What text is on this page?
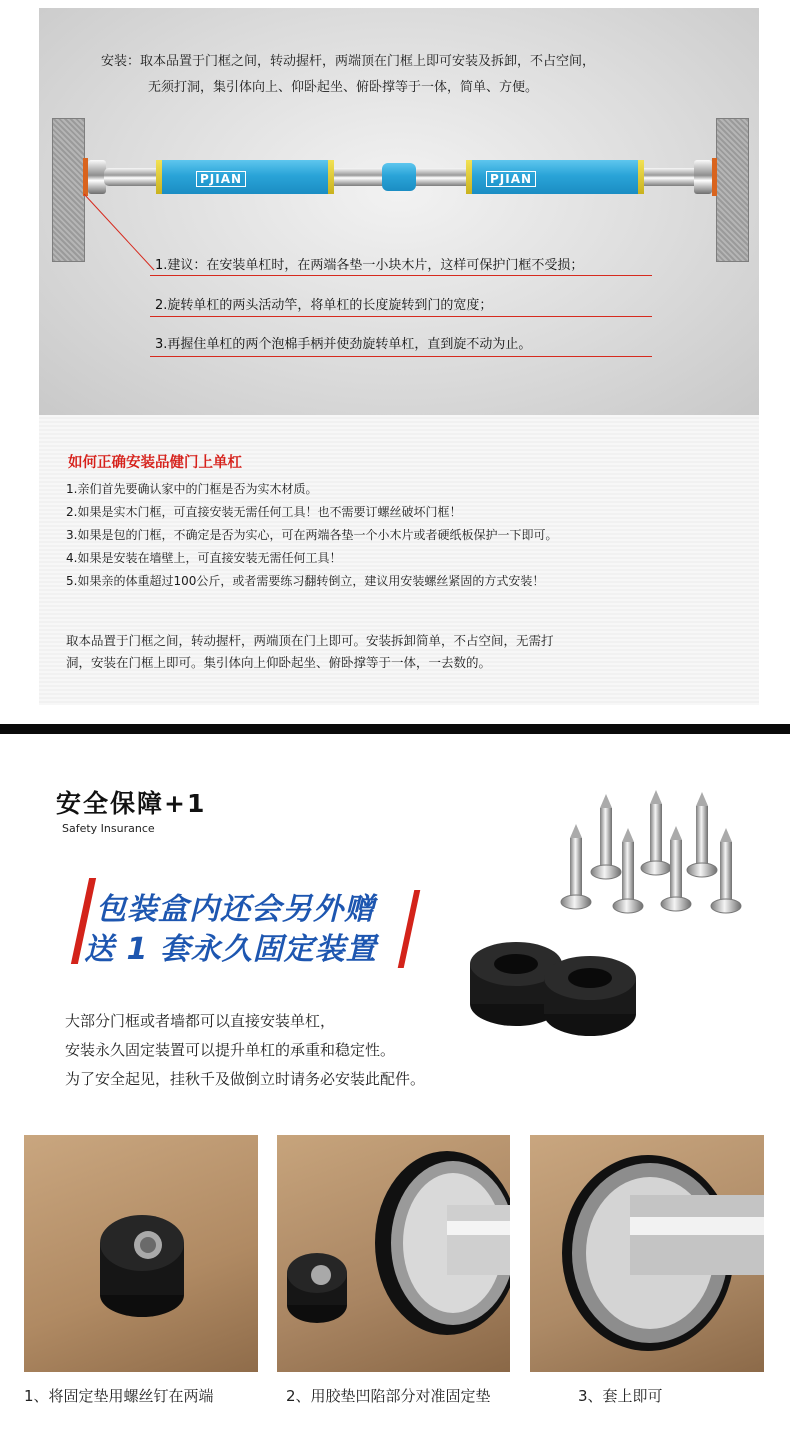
安装：取本品置于门框之间，转动握杆，两端顶在门框上即可安装及拆卸，不占空间，
无须打洞，集引体向上、仰卧起坐、俯卧撑等于一体，简单、方便。
PJIAN	PJIAN
1.建议：在安装单杠时，在两端各垫一小块木片，这样可保护门框不受损；
2.旋转单杠的两头活动竿，将单杠的长度旋转到门的宽度；
3.再握住单杠的两个泡棉手柄并使劲旋转单杠，直到旋不动为止。
如何正确安装品健门上单杠
1.亲们首先要确认家中的门框是否为实木材质。
2.如果是实木门框，可直接安装无需任何工具！也不需要订螺丝破坏门框！
3.如果是包的门框，不确定是否为实心，可在两端各垫一个小木片或者硬纸板保护一下即可。
4.如果是安装在墙壁上，可直接安装无需任何工具！
5.如果亲的体重超过100公斤，或者需要练习翻转倒立，建议用安装螺丝紧固的方式安装！
取本品置于门框之间，转动握杆，两端顶在门上即可。安装拆卸简单，不占空间，无需打
洞，安装在门框上即可。集引体向上仰卧起坐、俯卧撑等于一体，一去数的。
安全保障+1
Safety Insurance
包装盒内还会另外赠
送 1 套永久固定装置
大部分门框或者墙都可以直接安装单杠，
安装永久固定装置可以提升单杠的承重和稳定性。
为了安全起见，挂秋千及做倒立时请务必安装此配件。
1、将固定垫用螺丝钉在两端	2、用胶垫凹陷部分对准固定垫	3、套上即可
